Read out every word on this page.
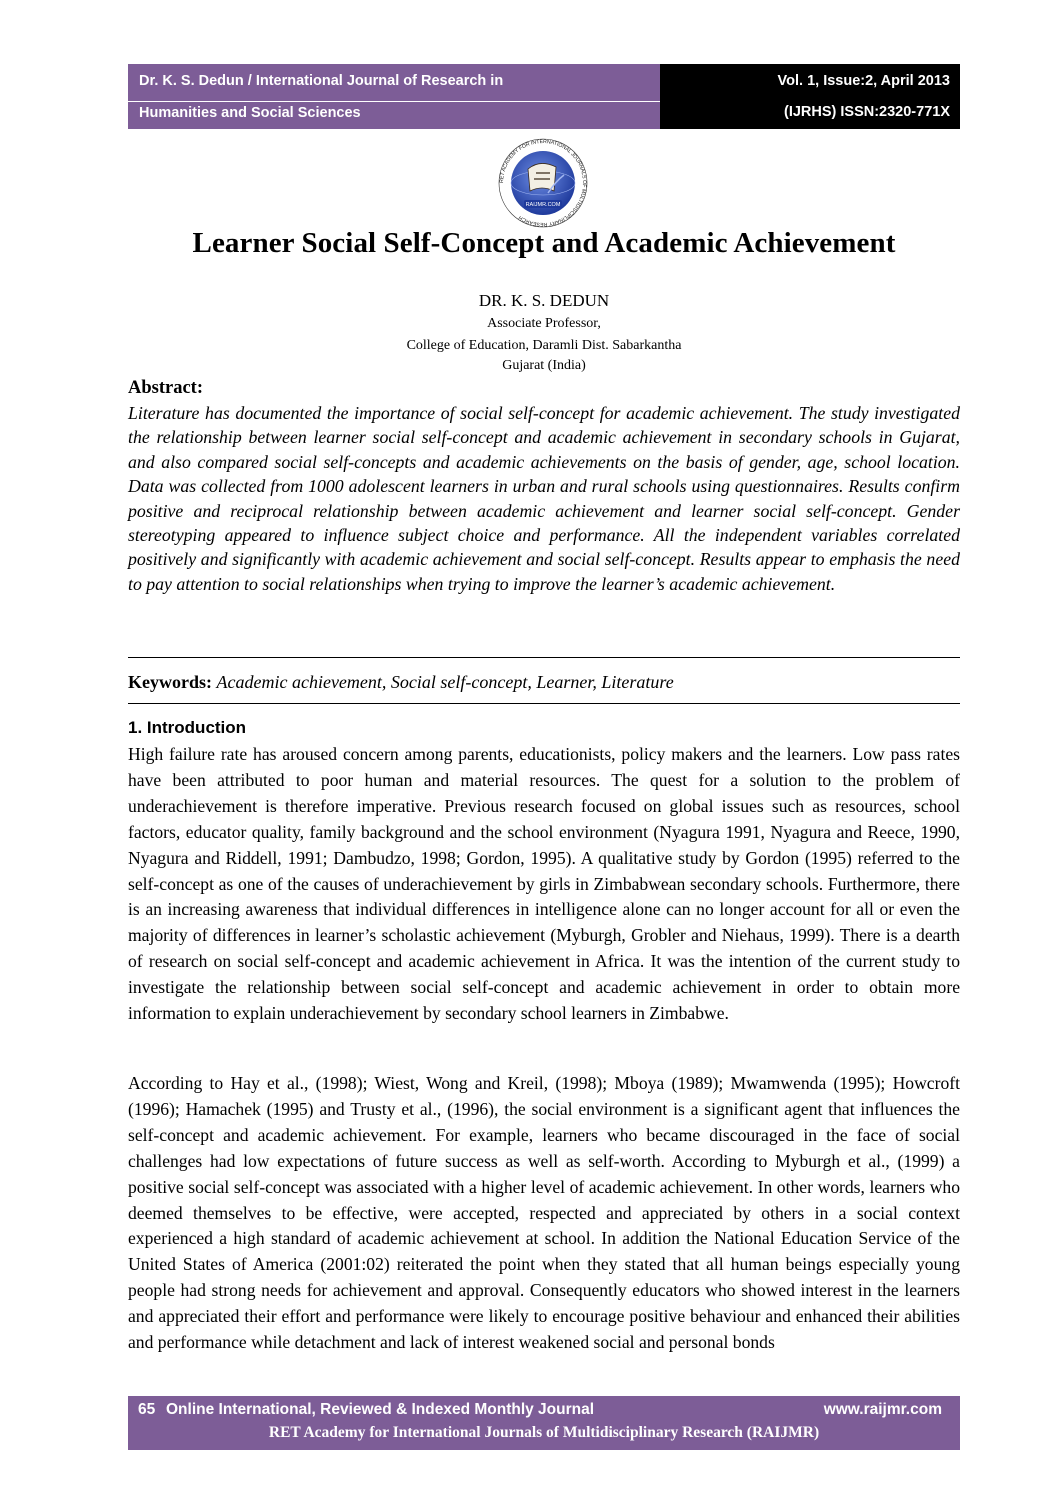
Dr. K. S. Dedun / International Journal of Research in
Humanities and Social Sciences
Vol. 1, Issue:2, April 2013
(IJRHS) ISSN:2320-771X
RAIJMR.COM
RET ACADEMY FOR INTERNATIONAL JOURNALS OF MULTIDISCIPLINARY RESEARCH
Learner Social Self-Concept and Academic Achievement
DR. K. S. DEDUN
Associate Professor,
College of Education, Daramli Dist. Sabarkantha
Gujarat (India)
Abstract:
Literature has documented the importance of social self-concept for academic achievement. The study investigated the relationship between learner social self-concept and academic achievement in secondary schools in Gujarat, and also compared social self-concepts and academic achievements on the basis of gender, age, school location. Data was collected from 1000 adolescent learners in urban and rural schools using questionnaires. Results confirm positive and reciprocal relationship between academic achievement and learner social self-concept. Gender stereotyping appeared to influence subject choice and performance. All the independent variables correlated positively and significantly with academic achievement and social self-concept. Results appear to emphasis the need to pay attention to social relationships when trying to improve the learner’s academic achievement.
Keywords: Academic achievement, Social self-concept, Learner, Literature
1. Introduction
High failure rate has aroused concern among parents, educationists, policy makers and the learners. Low pass rates have been attributed to poor human and material resources. The quest for a solution to the problem of underachievement is therefore imperative. Previous research focused on global issues such as resources, school factors, educator quality, family background and the school environment (Nyagura 1991, Nyagura and Reece, 1990, Nyagura and Riddell, 1991; Dambudzo, 1998; Gordon, 1995). A qualitative study by Gordon (1995) referred to the self-concept as one of the causes of underachievement by girls in Zimbabwean secondary schools. Furthermore, there is an increasing awareness that individual differences in intelligence alone can no longer account for all or even the majority of differences in learner’s scholastic achievement (Myburgh, Grobler and Niehaus, 1999). There is a dearth of research on social self-concept and academic achievement in Africa. It was the intention of the current study to investigate the relationship between social self-concept and academic achievement in order to obtain more information to explain underachievement by secondary school learners in Zimbabwe.
According to Hay et al., (1998); Wiest, Wong and Kreil, (1998); Mboya (1989); Mwamwenda (1995); Howcroft (1996); Hamachek (1995) and Trusty et al., (1996), the social environment is a significant agent that influences the self-concept and academic achievement. For example, learners who became discouraged in the face of social challenges had low expectations of future success as well as self-worth. According to Myburgh et al., (1999) a positive social self-concept was associated with a higher level of academic achievement. In other words, learners who deemed themselves to be effective, were accepted, respected and appreciated by others in a social context experienced a high standard of academic achievement at school. In addition the National Education Service of the United States of America (2001:02) reiterated the point when they stated that all human beings especially young people had strong needs for achievement and approval. Consequently educators who showed interest in the learners and appreciated their effort and performance were likely to encourage positive behaviour and enhanced their abilities and performance while detachment and lack of interest weakened social and personal bonds
65 Online International, Reviewed & Indexed Monthly Journal	www.raijmr.com
RET Academy for International Journals of Multidisciplinary Research (RAIJMR)
